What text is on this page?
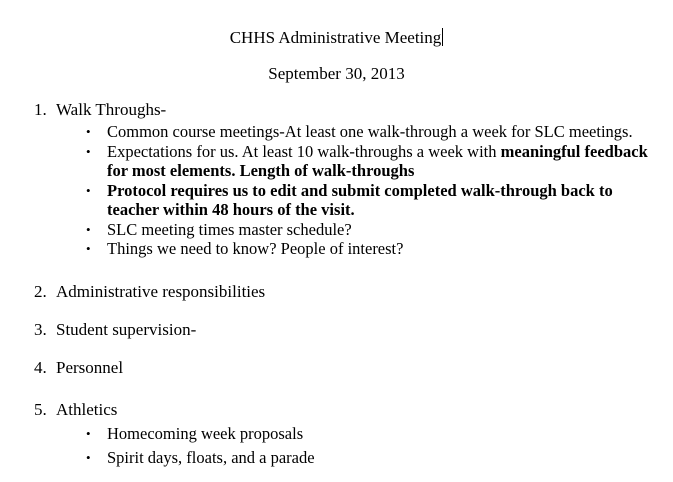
CHHS Administrative Meeting
September 30, 2013
1. Walk Throughs-
• Common course meetings-At least one walk-through a week for SLC meetings.
• Expectations for us. At least 10 walk-throughs a week with meaningful feedback
for most elements. Length of walk-throughs
• Protocol requires us to edit and submit completed walk-through back to
teacher within 48 hours of the visit.
• SLC meeting times master schedule?
• Things we need to know? People of interest?
2. Administrative responsibilities
3. Student supervision-
4. Personnel
5. Athletics
• Homecoming week proposals
• Spirit days, floats, and a parade
